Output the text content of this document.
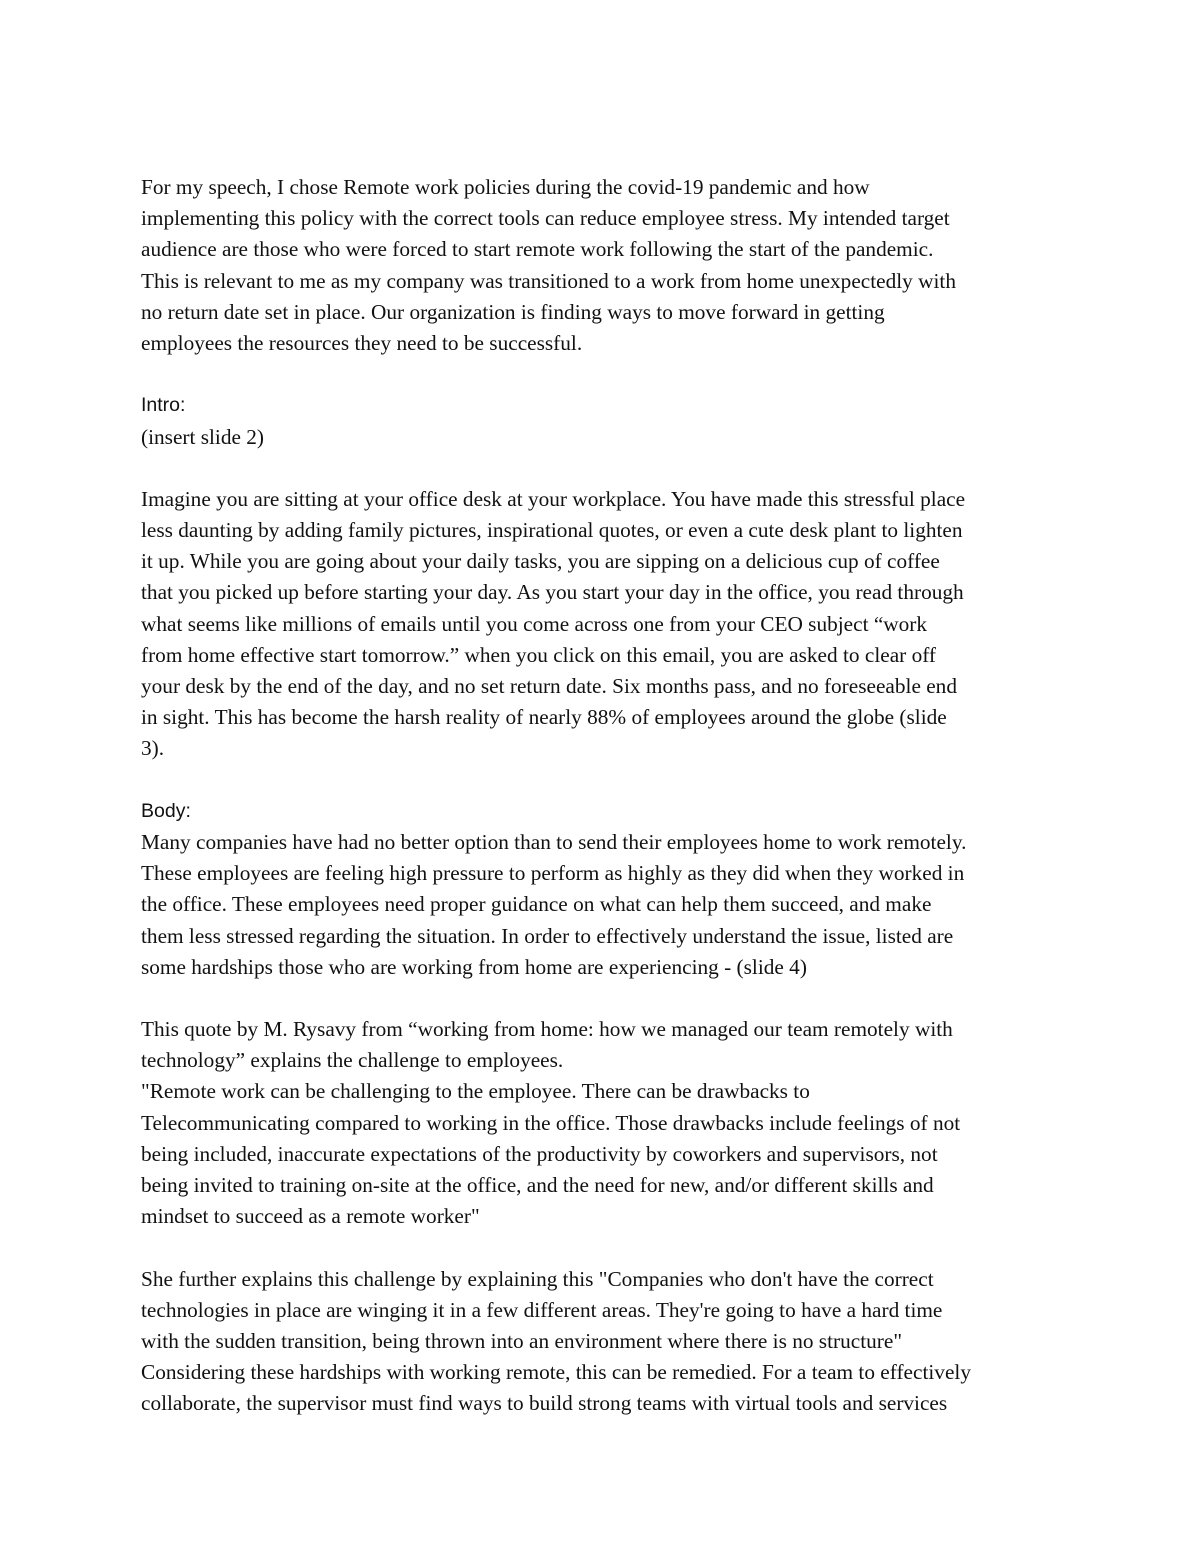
For my speech, I chose Remote work policies during the covid-19 pandemic and how
implementing this policy with the correct tools can reduce employee stress. My intended target
audience are those who were forced to start remote work following the start of the pandemic.
This is relevant to me as my company was transitioned to a work from home unexpectedly with
no return date set in place. Our organization is finding ways to move forward in getting
employees the resources they need to be successful.
Intro:
(insert slide 2)
Imagine you are sitting at your office desk at your workplace. You have made this stressful place
less daunting by adding family pictures, inspirational quotes, or even a cute desk plant to lighten
it up. While you are going about your daily tasks, you are sipping on a delicious cup of coffee
that you picked up before starting your day. As you start your day in the office, you read through
what seems like millions of emails until you come across one from your CEO subject “work
from home effective start tomorrow.” when you click on this email, you are asked to clear off
your desk by the end of the day, and no set return date. Six months pass, and no foreseeable end
in sight. This has become the harsh reality of nearly 88% of employees around the globe (slide
3).
Body:
Many companies have had no better option than to send their employees home to work remotely.
These employees are feeling high pressure to perform as highly as they did when they worked in
the office. These employees need proper guidance on what can help them succeed, and make
them less stressed regarding the situation. In order to effectively understand the issue, listed are
some hardships those who are working from home are experiencing - (slide 4)
This quote by M. Rysavy from “working from home: how we managed our team remotely with
technology” explains the challenge to employees.
"Remote work can be challenging to the employee. There can be drawbacks to
Telecommunicating compared to working in the office. Those drawbacks include feelings of not
being included, inaccurate expectations of the productivity by coworkers and supervisors, not
being invited to training on-site at the office, and the need for new, and/or different skills and
mindset to succeed as a remote worker"
She further explains this challenge by explaining this "Companies who don't have the correct
technologies in place are winging it in a few different areas. They're going to have a hard time
with the sudden transition, being thrown into an environment where there is no structure"
Considering these hardships with working remote, this can be remedied. For a team to effectively
collaborate, the supervisor must find ways to build strong teams with virtual tools and services
